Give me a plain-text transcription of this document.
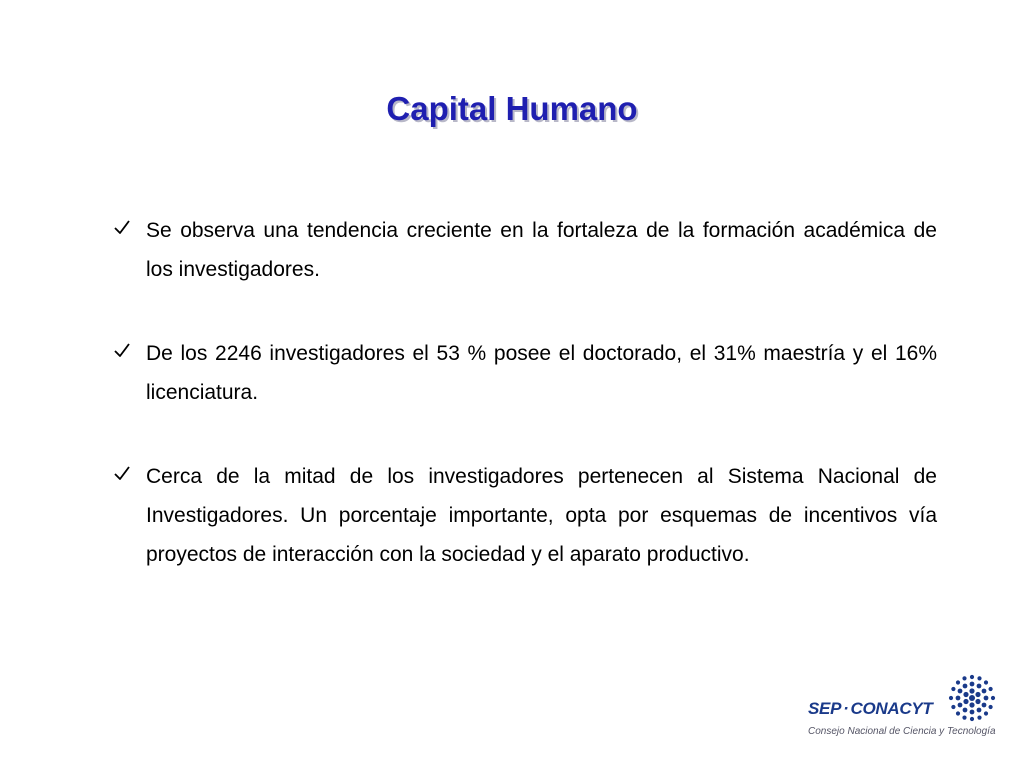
Capital Humano
Se observa una tendencia creciente en la fortaleza de la formación académica de los investigadores.
De los 2246 investigadores el 53 % posee el doctorado, el 31% maestría y el 16% licenciatura.
Cerca de la mitad de los investigadores pertenecen al Sistema Nacional de Investigadores. Un porcentaje importante, opta por esquemas de incentivos vía proyectos de interacción con la sociedad y el aparato productivo.
SEP · CONACYT
Consejo Nacional de Ciencia y Tecnología
